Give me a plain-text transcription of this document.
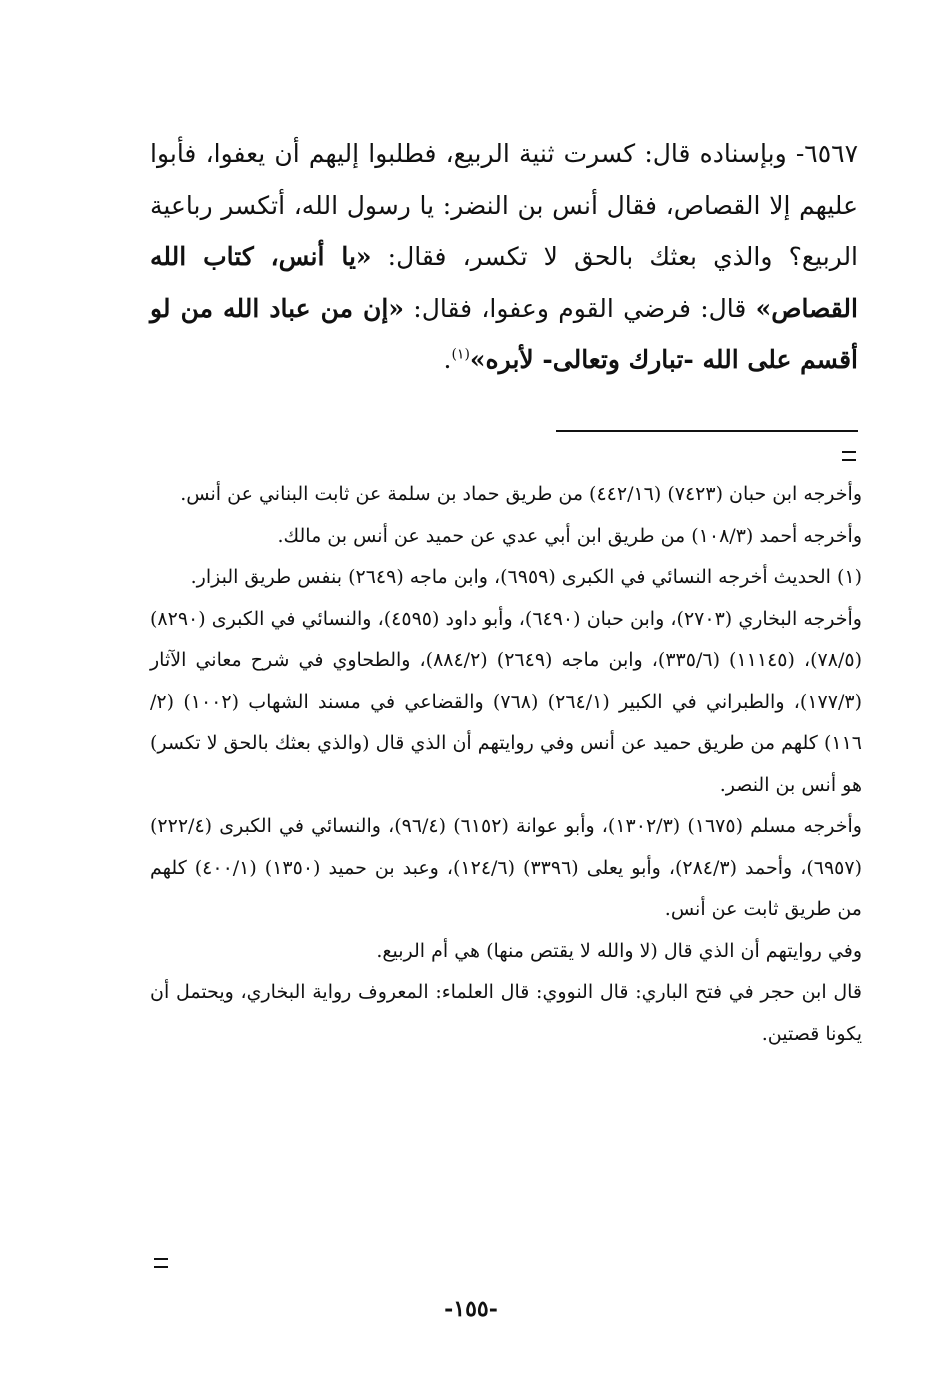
٦٥٦٧- وبإسناده قال: كسرت ثنية الربيع، فطلبوا إليهم أن يعفوا، فأبوا عليهم إلا القصاص، فقال أنس بن النضر: يا رسول الله، أتكسر رباعية الربيع؟ والذي بعثك بالحق لا تكسر، فقال: «يا أنس، كتاب الله القصاص» قال: فرضي القوم وعفوا، فقال: «إن من عباد الله من لو أقسم على الله -تبارك وتعالى- لأبره»$^{(١)}$.

وأخرجه ابن حبان (٧٤٢٣) (٤٤٢/١٦) من طريق حماد بن سلمة عن ثابت البناني عن أنس.

وأخرجه أحمد (١٠٨/٣) من طريق ابن أبي عدي عن حميد عن أنس بن مالك.

(١) الحديث أخرجه النسائي في الكبرى (٦٩٥٩)، وابن ماجه (٢٦٤٩) بنفس طريق البزار.

وأخرجه البخاري (٢٧٠٣)، وابن حبان (٦٤٩٠)، وأبو داود (٤٥٩٥)، والنسائي في الكبرى (٨٢٩٠) (٧٨/٥)، (١١١٤٥) (٣٣٥/٦)، وابن ماجه (٢٦٤٩) (٨٨٤/٢)، والطحاوي في شرح معاني الآثار (١٧٧/٣)، والطبراني في الكبير (٢٦٤/١) (٧٦٨) والقضاعي في مسند الشهاب (١٠٠٢) (٢/ ١١٦) كلهم من طريق حميد عن أنس وفي روايتهم أن الذي قال (والذي بعثك بالحق لا تكسر) هو أنس بن النصر.

وأخرجه مسلم (١٦٧٥) (١٣٠٢/٣)، وأبو عوانة (٦١٥٢) (٩٦/٤)، والنسائي في الكبرى (٢٢٢/٤) (٦٩٥٧)، وأحمد (٢٨٤/٣)، وأبو يعلى (٣٣٩٦) (١٢٤/٦)، وعبد بن حميد (١٣٥٠) (٤٠٠/١) كلهم من طريق ثابت عن أنس.

وفي روايتهم أن الذي قال (لا والله لا يقتص منها) هي أم الربيع.

قال ابن حجر في فتح الباري: قال النووي: قال العلماء: المعروف رواية البخاري، ويحتمل أن يكونا قصتين.

-١٥٥-
